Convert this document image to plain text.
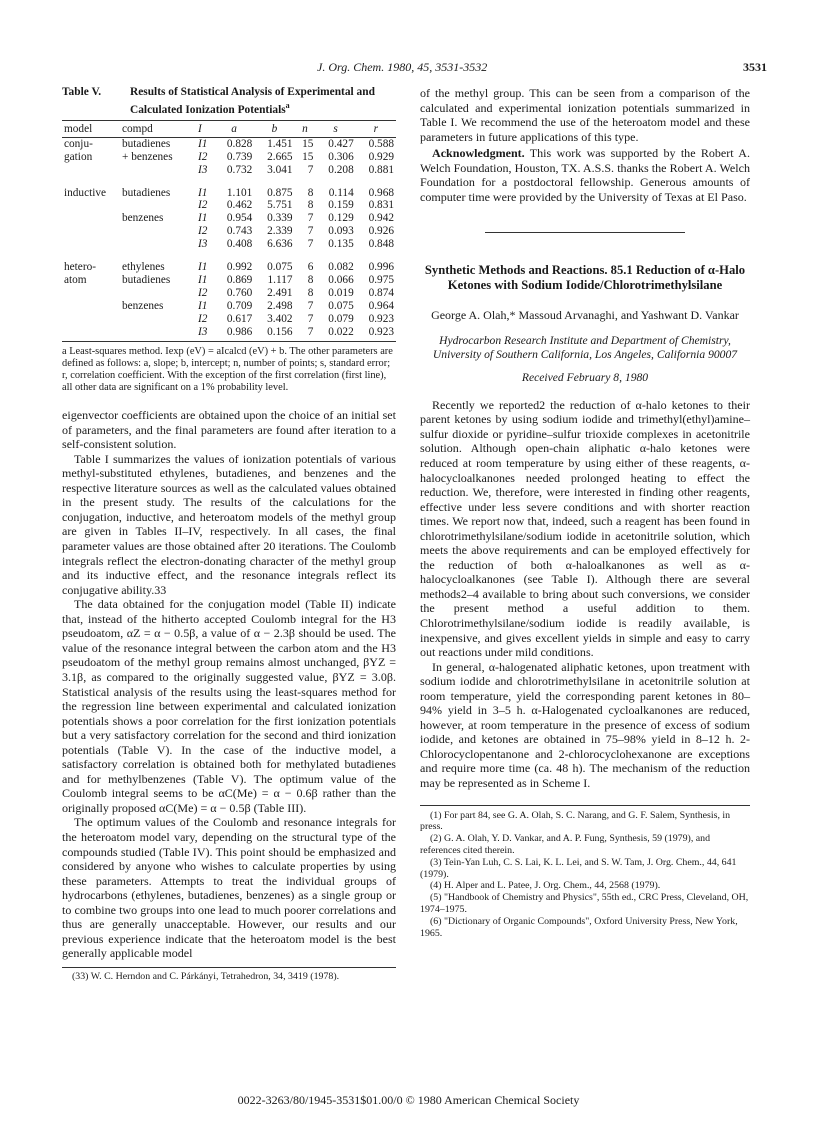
J. Org. Chem. 1980, 45, 3531-3532	3531
Table V.	Results of Statistical Analysis of Experimental and Calculated Ionization Potentials$^a$
model	compd	I	a	b	n	s	r
conju-	butadienes	I1	0.828	1.451	15	0.427	0.588
gation	+ benzenes	I2	0.739	2.665	15	0.306	0.929
		I3	0.732	3.041	7	0.208	0.881
inductive	butadienes	I1	1.101	0.875	8	0.114	0.968
		I2	0.462	5.751	8	0.159	0.831
	benzenes	I1	0.954	0.339	7	0.129	0.942
		I2	0.743	2.339	7	0.093	0.926
		I3	0.408	6.636	7	0.135	0.848
hetero-	ethylenes	I1	0.992	0.075	6	0.082	0.996
atom	butadienes	I1	0.869	1.117	8	0.066	0.975
		I2	0.760	2.491	8	0.019	0.874
	benzenes	I1	0.709	2.498	7	0.075	0.964
		I2	0.617	3.402	7	0.079	0.923
		I3	0.986	0.156	7	0.022	0.923
a Least-squares method. Iexp (eV) = aIcalcd (eV) + b. The other parameters are defined as follows: a, slope; b, intercept; n, number of points; s, standard error; r, correlation coefficient. With the exception of the first correlation (first line), all other data are significant on a 1% probability level.

eigenvector coefficients are obtained upon the choice of an initial set of parameters, and the final parameters are found after iteration to a self-consistent solution.

Table I summarizes the values of ionization potentials of various methyl-substituted ethylenes, butadienes, and benzenes and the respective literature sources as well as the calculated values obtained in the present study. The results of the calculations for the conjugation, inductive, and heteroatom models of the methyl group are given in Tables II–IV, respectively. In all cases, the final parameter values are those obtained after 20 iterations. The Coulomb integrals reflect the electron-donating character of the methyl group and its inductive effect, and the resonance integrals reflect its conjugative ability.33

The data obtained for the conjugation model (Table II) indicate that, instead of the hitherto accepted Coulomb integral for the H3 pseudoatom, αZ = α − 0.5β, a value of α − 2.3β should be used. The value of the resonance integral between the carbon atom and the H3 pseudoatom of the methyl group remains almost unchanged, βYZ = 3.1β, as compared to the originally suggested value, βYZ = 3.0β. Statistical analysis of the results using the least-squares method for the regression line between experimental and calculated ionization potentials shows a poor correlation for the first ionization potentials but a very satisfactory correlation for the second and third ionization potentials (Table V). In the case of the inductive model, a satisfactory correlation is obtained both for methylated butadienes and for methylbenzenes (Table V). The optimum value of the Coulomb integral seems to be αC(Me) = α − 0.6β rather than the originally proposed αC(Me) = α − 0.5β (Table III).

The optimum values of the Coulomb and resonance integrals for the heteroatom model vary, depending on the structural type of the compounds studied (Table IV). This point should be emphasized and considered by anyone who wishes to calculate properties by using these parameters. Attempts to treat the individual groups of hydrocarbons (ethylenes, butadienes, benzenes) as a single group or to combine two groups into one lead to much poorer correlations and thus are generally unacceptable. However, our results and our previous experience indicate that the heteroatom model is the best generally applicable model

(33) W. C. Herndon and C. Párkányi, Tetrahedron, 34, 3419 (1978).

of the methyl group. This can be seen from a comparison of the calculated and experimental ionization potentials summarized in Table I. We recommend the use of the heteroatom model and these parameters in future applications of this type.

Acknowledgment. This work was supported by the Robert A. Welch Foundation, Houston, TX. A.S.S. thanks the Robert A. Welch Foundation for a postdoctoral fellowship. Generous amounts of computer time were provided by the University of Texas at El Paso.

Synthetic Methods and Reactions. 85.1 Reduction of α-Halo Ketones with Sodium Iodide/Chlorotrimethylsilane
George A. Olah,* Massoud Arvanaghi, and Yashwant D. Vankar
Hydrocarbon Research Institute and Department of Chemistry, University of Southern California, Los Angeles, California 90007
Received February 8, 1980

Recently we reported2 the reduction of α-halo ketones to their parent ketones by using sodium iodide and trimethyl(ethyl)amine–sulfur dioxide or pyridine–sulfur trioxide complexes in acetonitrile solution. Although open-chain aliphatic α-halo ketones were reduced at room temperature by using either of these reagents, α-halocycloalkanones needed prolonged heating to effect the reduction. We, therefore, were interested in finding other reagents, effective under less severe conditions and with shorter reaction times. We report now that, indeed, such a reagent has been found in chlorotrimethylsilane/sodium iodide in acetonitrile solution, which meets the above requirements and can be employed effectively for the reduction of both α-haloalkanones as well as α-halocycloalkanones (see Table I). Although there are several methods2–4 available to bring about such conversions, we consider the present method a useful addition to them. Chlorotrimethylsilane/sodium iodide is readily available, is inexpensive, and gives excellent yields in simple and easy to carry out reactions under mild conditions.

In general, α-halogenated aliphatic ketones, upon treatment with sodium iodide and chlorotrimethylsilane in acetonitrile solution at room temperature, yield the corresponding parent ketones in 80–94% yield in 3–5 h. α-Halogenated cycloalkanones are reduced, however, at room temperature in the presence of excess of sodium iodide, and ketones are obtained in 75–98% yield in 8–12 h. 2-Chlorocyclopentanone and 2-chlorocyclohexanone are exceptions and require more time (ca. 48 h). The mechanism of the reduction may be represented as in Scheme I.

(1) For part 84, see G. A. Olah, S. C. Narang, and G. F. Salem, Synthesis, in press.
(2) G. A. Olah, Y. D. Vankar, and A. P. Fung, Synthesis, 59 (1979), and references cited therein.
(3) Tein-Yan Luh, C. S. Lai, K. L. Lei, and S. W. Tam, J. Org. Chem., 44, 641 (1979).
(4) H. Alper and L. Patee, J. Org. Chem., 44, 2568 (1979).
(5) "Handbook of Chemistry and Physics", 55th ed., CRC Press, Cleveland, OH, 1974–1975.
(6) "Dictionary of Organic Compounds", Oxford University Press, New York, 1965.
0022-3263/80/1945-3531$01.00/0 © 1980 American Chemical Society
